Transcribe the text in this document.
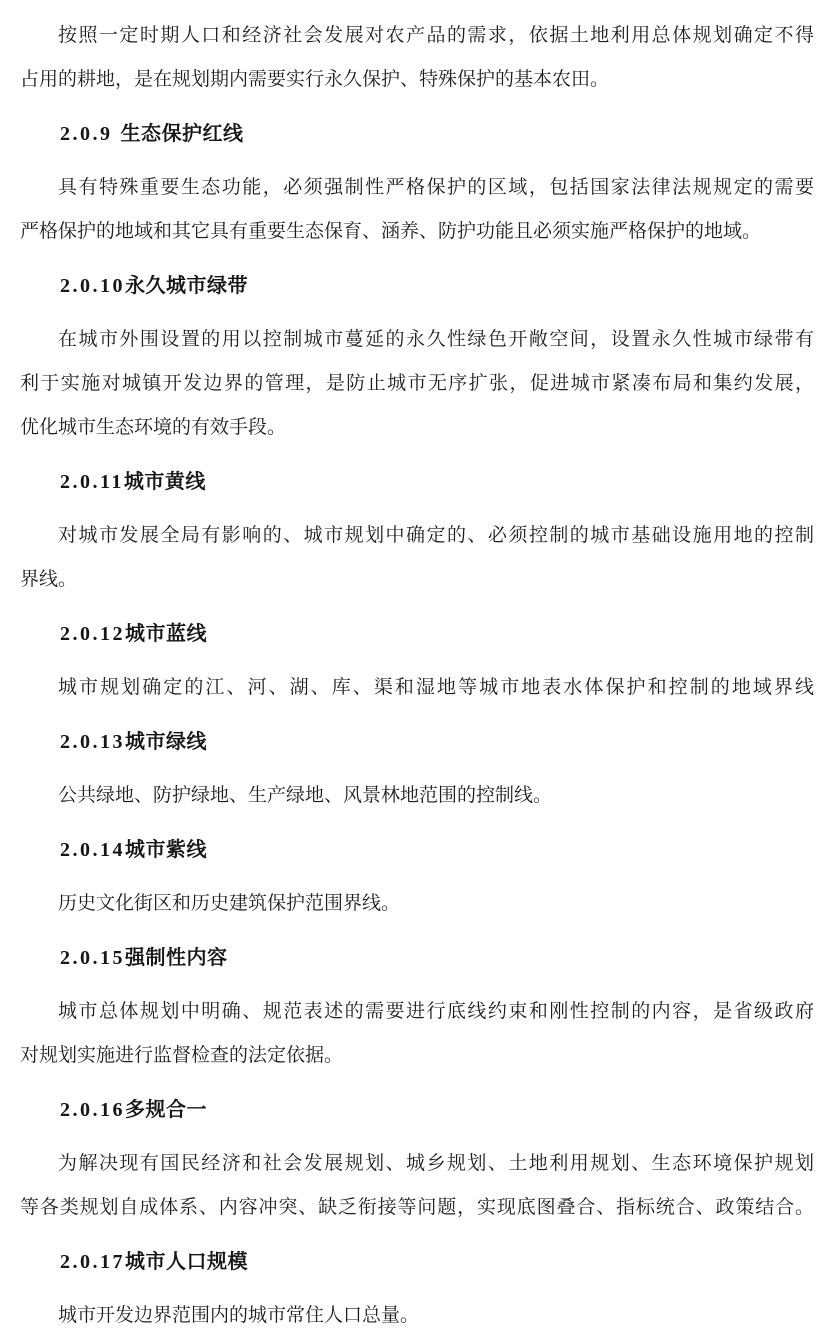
按照一定时期人口和经济社会发展对农产品的需求，依据土地利用总体规划确定不得
占用的耕地，是在规划期内需要实行永久保护、特殊保护的基本农田。

2.0.9 生态保护红线

具有特殊重要生态功能，必须强制性严格保护的区域，包括国家法律法规规定的需要
严格保护的地域和其它具有重要生态保育、涵养、防护功能且必须实施严格保护的地域。

2.0.10永久城市绿带

在城市外围设置的用以控制城市蔓延的永久性绿色开敞空间，设置永久性城市绿带有
利于实施对城镇开发边界的管理，是防止城市无序扩张，促进城市紧凑布局和集约发展，
优化城市生态环境的有效手段。

2.0.11城市黄线

对城市发展全局有影响的、城市规划中确定的、必须控制的城市基础设施用地的控制
界线。

2.0.12城市蓝线

城市规划确定的江、河、湖、库、渠和湿地等城市地表水体保护和控制的地域界线

2.0.13城市绿线

公共绿地、防护绿地、生产绿地、风景林地范围的控制线。

2.0.14城市紫线

历史文化街区和历史建筑保护范围界线。

2.0.15强制性内容

城市总体规划中明确、规范表述的需要进行底线约束和刚性控制的内容，是省级政府
对规划实施进行监督检查的法定依据。

2.0.16多规合一

为解决现有国民经济和社会发展规划、城乡规划、土地利用规划、生态环境保护规划
等各类规划自成体系、内容冲突、缺乏衔接等问题，实现底图叠合、指标统合、政策结合。

2.0.17城市人口规模

城市开发边界范围内的城市常住人口总量。
